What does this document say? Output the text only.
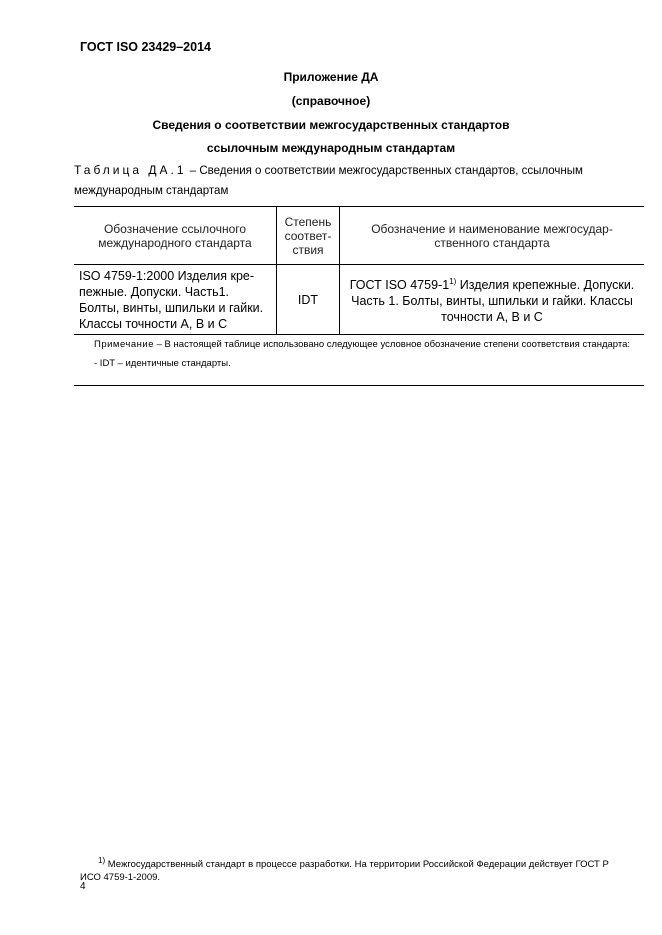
ГОСТ ISO 23429–2014
Приложение ДА
(справочное)
Сведения о соответствии межгосударственных стандартов
ссылочным международным стандартам
Таблица ДА.1 – Сведения о соответствии межгосударственных стандартов, ссылочным международным стандартам
Обозначение ссылочного международного стандарта	Степень соответствия	Обозначение и наименование межгосударственного стандарта
ISO 4759-1:2000 Изделия крепежные. Допуски. Часть1. Болты, винты, шпильки и гайки. Классы точности А, В и С	IDT	ГОСТ ISO 4759-1$^{1)}$ Изделия крепежные. Допуски. Часть 1. Болты, винты, шпильки и гайки. Классы точности А, В и С
Примечание – В настоящей таблице использовано следующее условное обозначение степени соответствия стандарта:
- IDT – идентичные стандарты.		
$^{1)}$ Межгосударственный стандарт в процессе разработки. На территории Российской Федерации действует ГОСТ Р ИСО 4759-1-2009.
4
